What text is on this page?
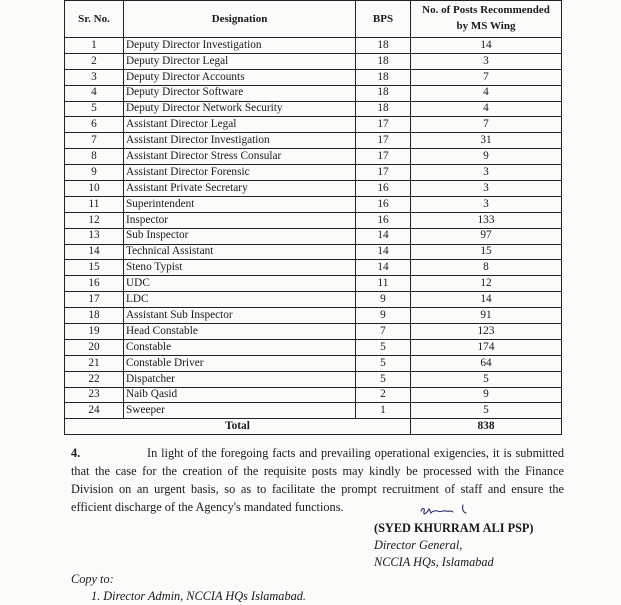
Sr. No.	Designation	BPS	No. of Posts Recommended
by MS Wing
1	Deputy Director Investigation	18	14
2	Deputy Director Legal	18	3
3	Deputy Director Accounts	18	7
4	Deputy Director Software	18	4
5	Deputy Director Network Security	18	4
6	Assistant Director Legal	17	7
7	Assistant Director Investigation	17	31
8	Assistant Director Stress Consular	17	9
9	Assistant Director Forensic	17	3
10	Assistant Private Secretary	16	3
11	Superintendent	16	3
12	Inspector	16	133
13	Sub Inspector	14	97
14	Technical Assistant	14	15
15	Steno Typist	14	8
16	UDC	11	12
17	LDC	9	14
18	Assistant Sub Inspector	9	91
19	Head Constable	7	123
20	Constable	5	174
21	Constable Driver	5	64
22	Dispatcher	5	5
23	Naib Qasid	2	9
24	Sweeper	1	5
Total			838

4.	In light of the foregoing facts and prevailing operational exigencies, it is submitted that the case for the creation of the requisite posts may kindly be processed with the Finance Division on an urgent basis, so as to facilitate the prompt recruitment of staff and ensure the efficient discharge of the Agency's mandated functions.

(SYED KHURRAM ALI PSP)
Director General,
NCCIA HQs, Islamabad
Copy to:
1. Director Admin, NCCIA HQs Islamabad.
